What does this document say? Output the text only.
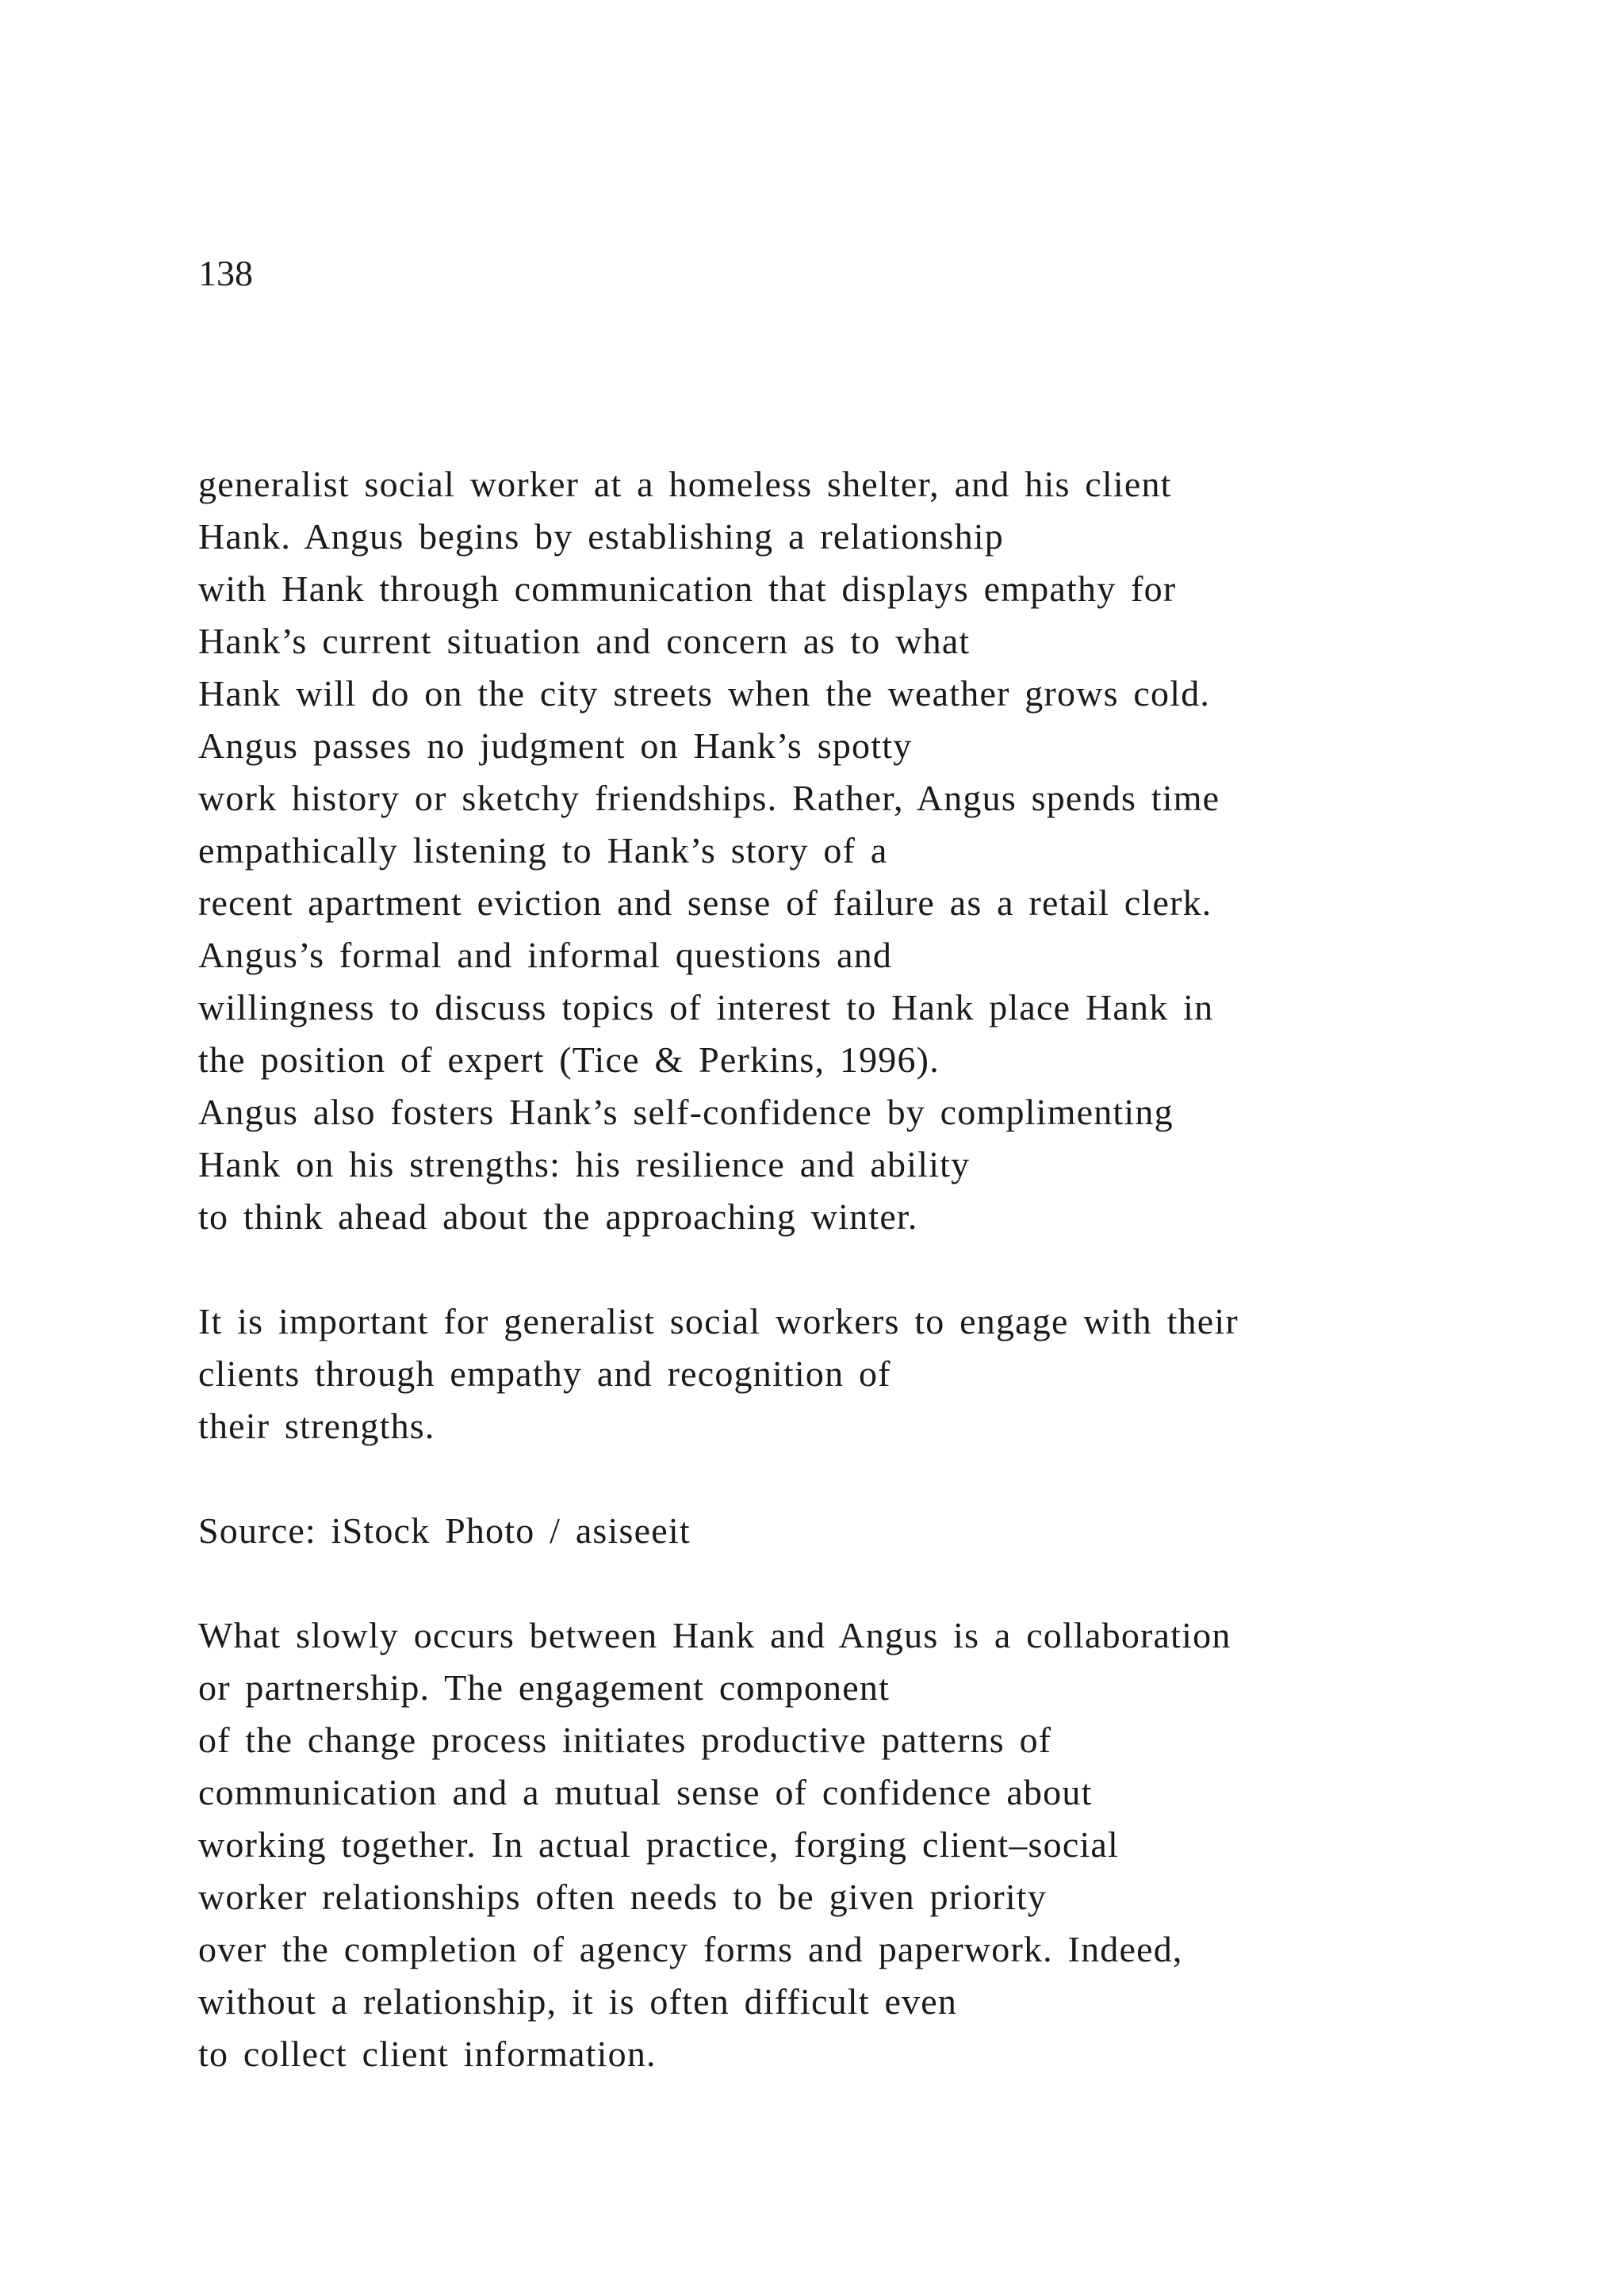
138
generalist social worker at a homeless shelter, and his client
Hank. Angus begins by establishing a relationship
with Hank through communication that displays empathy for
Hank’s current situation and concern as to what
Hank will do on the city streets when the weather grows cold.
Angus passes no judgment on Hank’s spotty
work history or sketchy friendships. Rather, Angus spends time
empathically listening to Hank’s story of a
recent apartment eviction and sense of failure as a retail clerk.
Angus’s formal and informal questions and
willingness to discuss topics of interest to Hank place Hank in
the position of expert (Tice & Perkins, 1996).
Angus also fosters Hank’s self-confidence by complimenting
Hank on his strengths: his resilience and ability
to think ahead about the approaching winter.
It is important for generalist social workers to engage with their
clients through empathy and recognition of
their strengths.
Source: iStock Photo / asiseeit
What slowly occurs between Hank and Angus is a collaboration
or partnership. The engagement component
of the change process initiates productive patterns of
communication and a mutual sense of confidence about
working together. In actual practice, forging client–social
worker relationships often needs to be given priority
over the completion of agency forms and paperwork. Indeed,
without a relationship, it is often difficult even
to collect client information.
